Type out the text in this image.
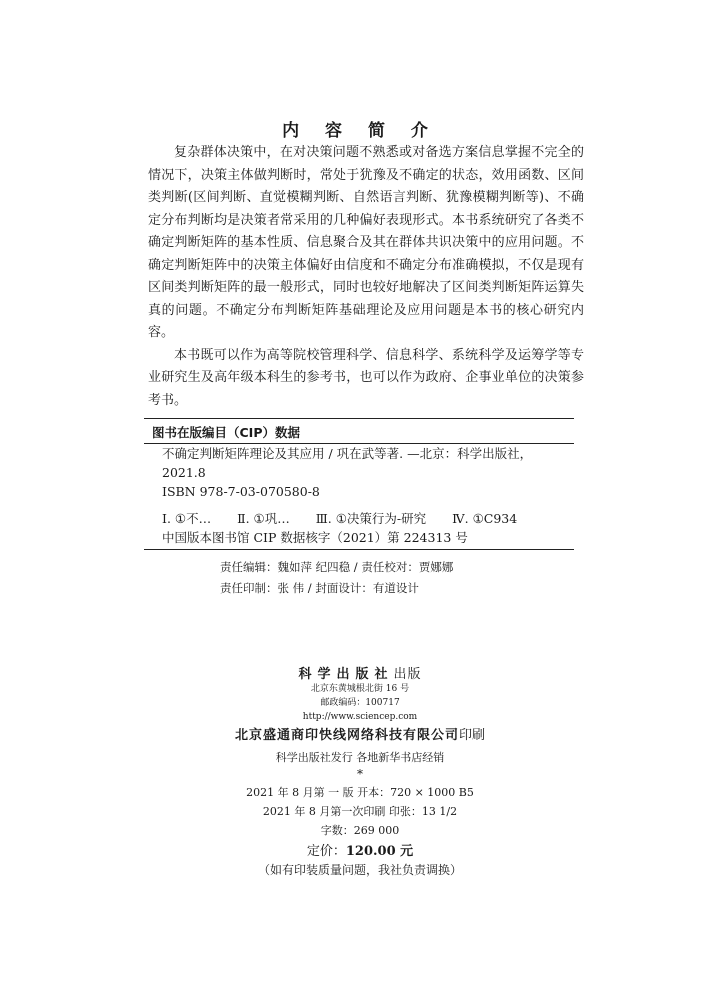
内 容 简 介

复杂群体决策中，在对决策问题不熟悉或对备选方案信息掌握不完全的情况下，决策主体做判断时，常处于犹豫及不确定的状态，效用函数、区间类判断(区间判断、直觉模糊判断、自然语言判断、犹豫模糊判断等)、不确定分布判断均是决策者常采用的几种偏好表现形式。本书系统研究了各类不确定判断矩阵的基本性质、信息聚合及其在群体共识决策中的应用问题。不确定判断矩阵中的决策主体偏好由信度和不确定分布准确模拟，不仅是现有区间类判断矩阵的最一般形式，同时也较好地解决了区间类判断矩阵运算失真的问题。不确定分布判断矩阵基础理论及应用问题是本书的核心研究内容。

本书既可以作为高等院校管理科学、信息科学、系统科学及运筹学等专业研究生及高年级本科生的参考书，也可以作为政府、企事业单位的决策参考书。

图书在版编目（CIP）数据
不确定判断矩阵理论及其应用 / 巩在武等著. —北京：科学出版社，
2021.8
ISBN 978-7-03-070580-8
Ⅰ. ①不… Ⅱ. ①巩… Ⅲ. ①决策行为-研究 Ⅳ. ①C934
中国版本图书馆 CIP 数据核字（2021）第 224313 号
责任编辑：魏如萍 纪四稳 / 责任校对：贾娜娜
责任印制：张 伟 / 封面设计：有道设计
科学出版社出版
北京东黄城根北街 16 号
邮政编码：100717
http://www.sciencep.com
北京盛通商印快线网络科技有限公司印刷
科学出版社发行 各地新华书店经销
*
2021 年 8 月第 一 版 开本：720 × 1000 B5
2021 年 8 月第一次印刷 印张：13 1/2
字数：269 000
定价：120.00 元
（如有印装质量问题，我社负责调换）
